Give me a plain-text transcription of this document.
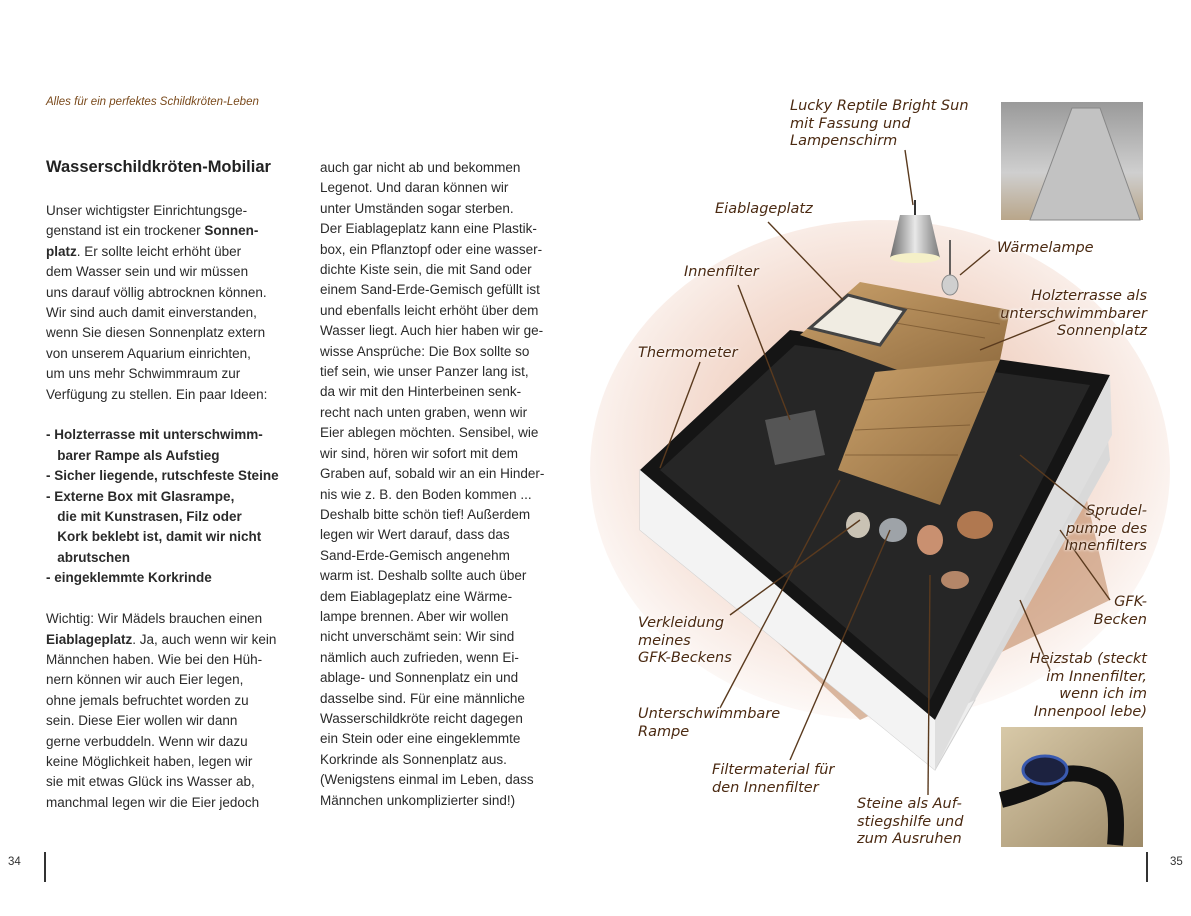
Alles für ein perfektes Schildkröten-Leben
Wasserschildkröten-Mobiliar
Unser wichtigster Einrichtungsge-
genstand ist ein trockener Sonnen-
platz. Er sollte leicht erhöht über
dem Wasser sein und wir müssen
uns darauf völlig abtrocknen können.
Wir sind auch damit einverstanden,
wenn Sie diesen Sonnenplatz extern
von unserem Aquarium einrichten,
um uns mehr Schwimmraum zur
Verfügung zu stellen. Ein paar Ideen:
- Holzterrasse mit unterschwimm-
barer Rampe als Aufstieg
- Sicher liegende, rutschfeste Steine
- Externe Box mit Glasrampe,
die mit Kunstrasen, Filz oder
Kork beklebt ist, damit wir nicht
abrutschen
- eingeklemmte Korkrinde
Wichtig: Wir Mädels brauchen einen
Eiablageplatz. Ja, auch wenn wir kein
Männchen haben. Wie bei den Hüh-
nern können wir auch Eier legen,
ohne jemals befruchtet worden zu
sein. Diese Eier wollen wir dann
gerne verbuddeln. Wenn wir dazu
keine Möglichkeit haben, legen wir
sie mit etwas Glück ins Wasser ab,
manchmal legen wir die Eier jedoch
auch gar nicht ab und bekommen
Legenot. Und daran können wir
unter Umständen sogar sterben.
Der Eiablageplatz kann eine Plastik-
box, ein Pflanztopf oder eine wasser-
dichte Kiste sein, die mit Sand oder
einem Sand-Erde-Gemisch gefüllt ist
und ebenfalls leicht erhöht über dem
Wasser liegt. Auch hier haben wir ge-
wisse Ansprüche: Die Box sollte so
tief sein, wie unser Panzer lang ist,
da wir mit den Hinterbeinen senk-
recht nach unten graben, wenn wir
Eier ablegen möchten. Sensibel, wie
wir sind, hören wir sofort mit dem
Graben auf, sobald wir an ein Hinder-
nis wie z. B. den Boden kommen ...
Deshalb bitte schön tief! Außerdem
legen wir Wert darauf, dass das
Sand-Erde-Gemisch angenehm
warm ist. Deshalb sollte auch über
dem Eiablageplatz eine Wärme-
lampe brennen. Aber wir wollen
nicht unverschämt sein: Wir sind
nämlich auch zufrieden, wenn Ei-
ablage- und Sonnenplatz ein und
dasselbe sind. Für eine männliche
Wasserschildkröte reicht dagegen
ein Stein oder eine eingeklemmte
Korkrinde als Sonnenplatz aus.
(Wenigstens einmal im Leben, dass
Männchen unkomplizierter sind!)
Lucky Reptile Bright Sun
mit Fassung und
Lampenschirm
Eiablageplatz
Wärmelampe
Innenfilter
Holzterrasse als
unterschwimmbarer
Sonnenplatz
Thermometer
Sprudel-
pumpe des
Innenfilters
GFK-
Becken
Verkleidung
meines
GFK-Beckens	Heizstab (steckt
im Innenfilter,
wenn ich im
Innenpool lebe)
Unterschwimmbare
Rampe
Filtermaterial für
den Innenfilter
Steine als Auf-
stiegshilfe und
zum Ausruhen
34	35
